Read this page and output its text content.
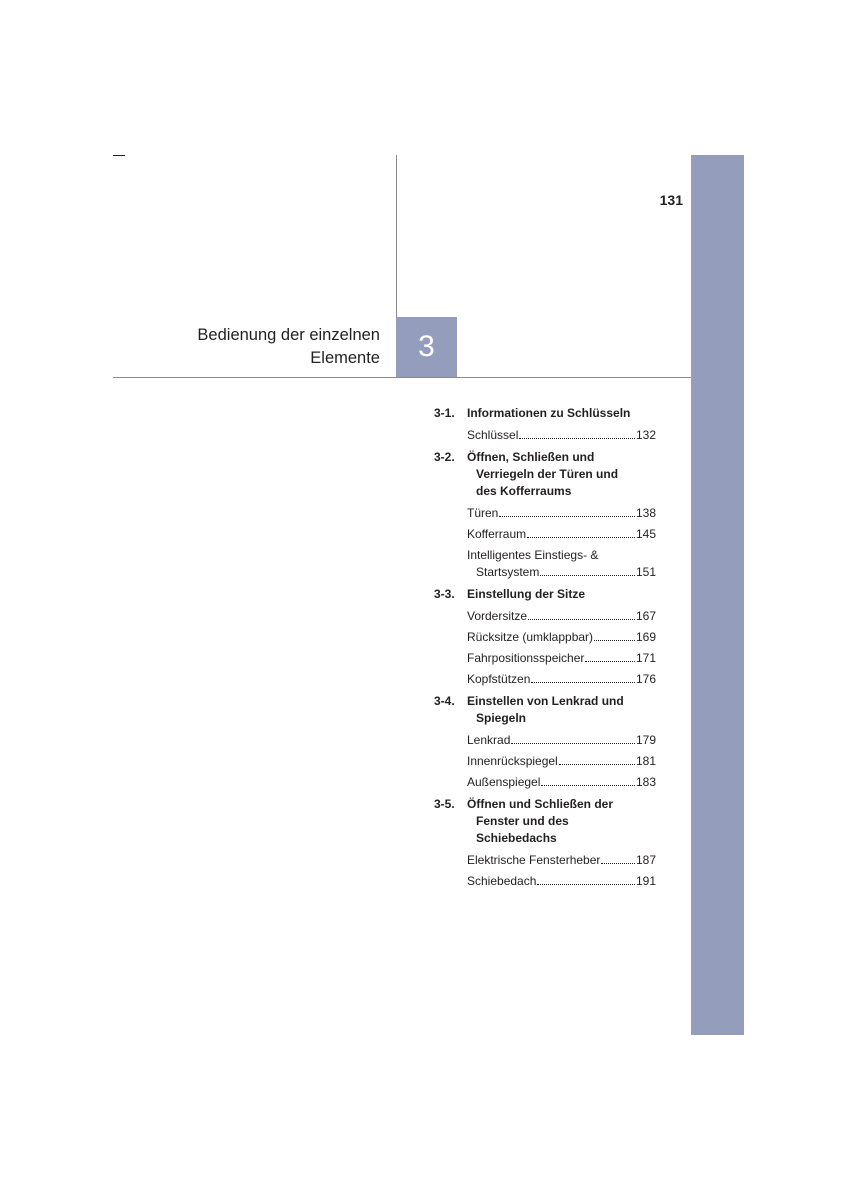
131
Bedienung der einzelnen
Elemente	3
3-1.	Informationen zu Schlüsseln
Schlüssel	132
3-2.	Öffnen, Schließen und
Verriegeln der Türen und
des Kofferraums
Türen	138
Kofferraum	145
Intelligentes Einstiegs- &
Startsystem	151
3-3.	Einstellung der Sitze
Vordersitze	167
Rücksitze (umklappbar)	169
Fahrpositionsspeicher	171
Kopfstützen	176
3-4.	Einstellen von Lenkrad und
Spiegeln
Lenkrad	179
Innenrückspiegel	181
Außenspiegel	183
3-5.	Öffnen und Schließen der
Fenster und des
Schiebedachs
Elektrische Fensterheber	187
Schiebedach	191
